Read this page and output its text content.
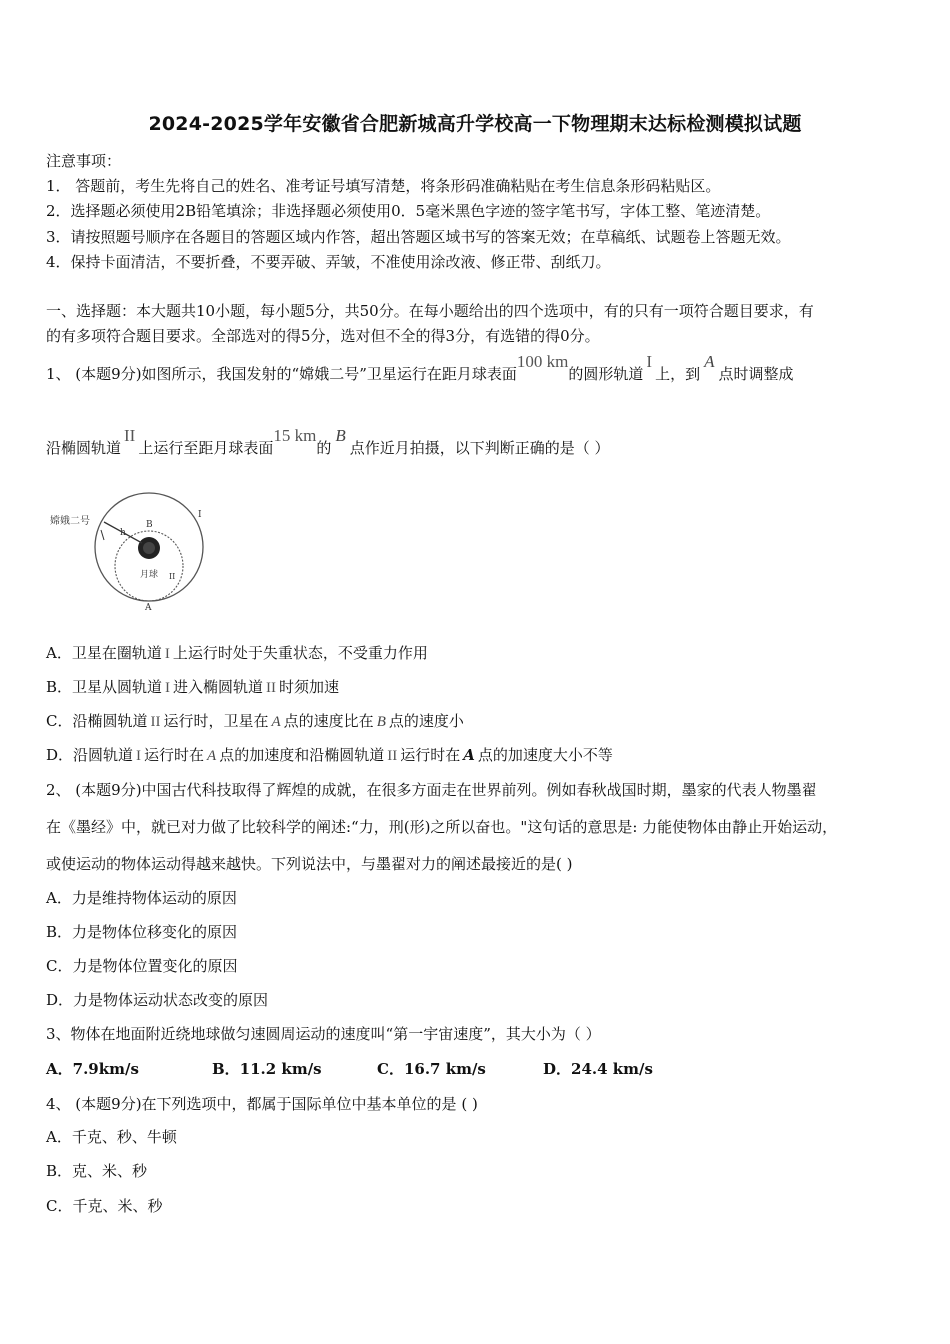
2024-2025学年安徽省合肥新城高升学校高一下物理期末达标检测模拟试题
注意事项：
1． 答题前，考生先将自己的姓名、准考证号填写清楚，将条形码准确粘贴在考生信息条形码粘贴区。
2．选择题必须使用2B铅笔填涂；非选择题必须使用0．5毫米黑色字迹的签字笔书写，字体工整、笔迹清楚。
3．请按照题号顺序在各题目的答题区域内作答，超出答题区域书写的答案无效；在草稿纸、试题卷上答题无效。
4．保持卡面清洁，不要折叠，不要弄破、弄皱，不准使用涂改液、修正带、刮纸刀。
一、选择题：本大题共10小题，每小题5分，共50分。在每小题给出的四个选项中，有的只有一项符合题目要求，有
的有多项符合题目要求。全部选对的得5分，选对但不全的得3分，有选错的得0分。
1、 (本题9分)如图所示，我国发射的“嫦娥二号”卫星运行在距月球表面100 km的圆形轨道I上，到A点时调整成
沿椭圆轨道II上运行至距月球表面15 km的B点作近月拍摄，以下判断正确的是（ ）
嫦娥二号
月球
B
h
A
I
II
A．卫星在圈轨道 I 上运行时处于失重状态，不受重力作用
B．卫星从圆轨道 I 进入椭圆轨道 II 时须加速
C．沿椭圆轨道 II 运行时，卫星在 A 点的速度比在 B 点的速度小
D．沿圆轨道 I 运行时在 A 点的加速度和沿椭圆轨道 II 运行时在 A 点的加速度大小不等
2、 (本题9分)中国古代科技取得了辉煌的成就，在很多方面走在世界前列。例如春秋战国时期，墨家的代表人物墨翟
在《墨经》中，就已对力做了比较科学的阐述:“力，刑(形)之所以奋也。"这句话的意思是: 力能使物体由静止开始运动，
或使运动的物体运动得越来越快。下列说法中，与墨翟对力的阐述最接近的是( )
A．力是维持物体运动的原因
B．力是物体位移变化的原因
C．力是物体位置变化的原因
D．力是物体运动状态改变的原因
3、物体在地面附近绕地球做匀速圆周运动的速度叫“第一宇宙速度”，其大小为（ ）
A．7.9km/s	B．11.2 km/s	C．16.7 km/s	D．24.4 km/s
4、 (本题9分)在下列选项中，都属于国际单位中基本单位的是 ( )
A．千克、秒、牛顿
B．克、米、秒
C．千克、米、秒
